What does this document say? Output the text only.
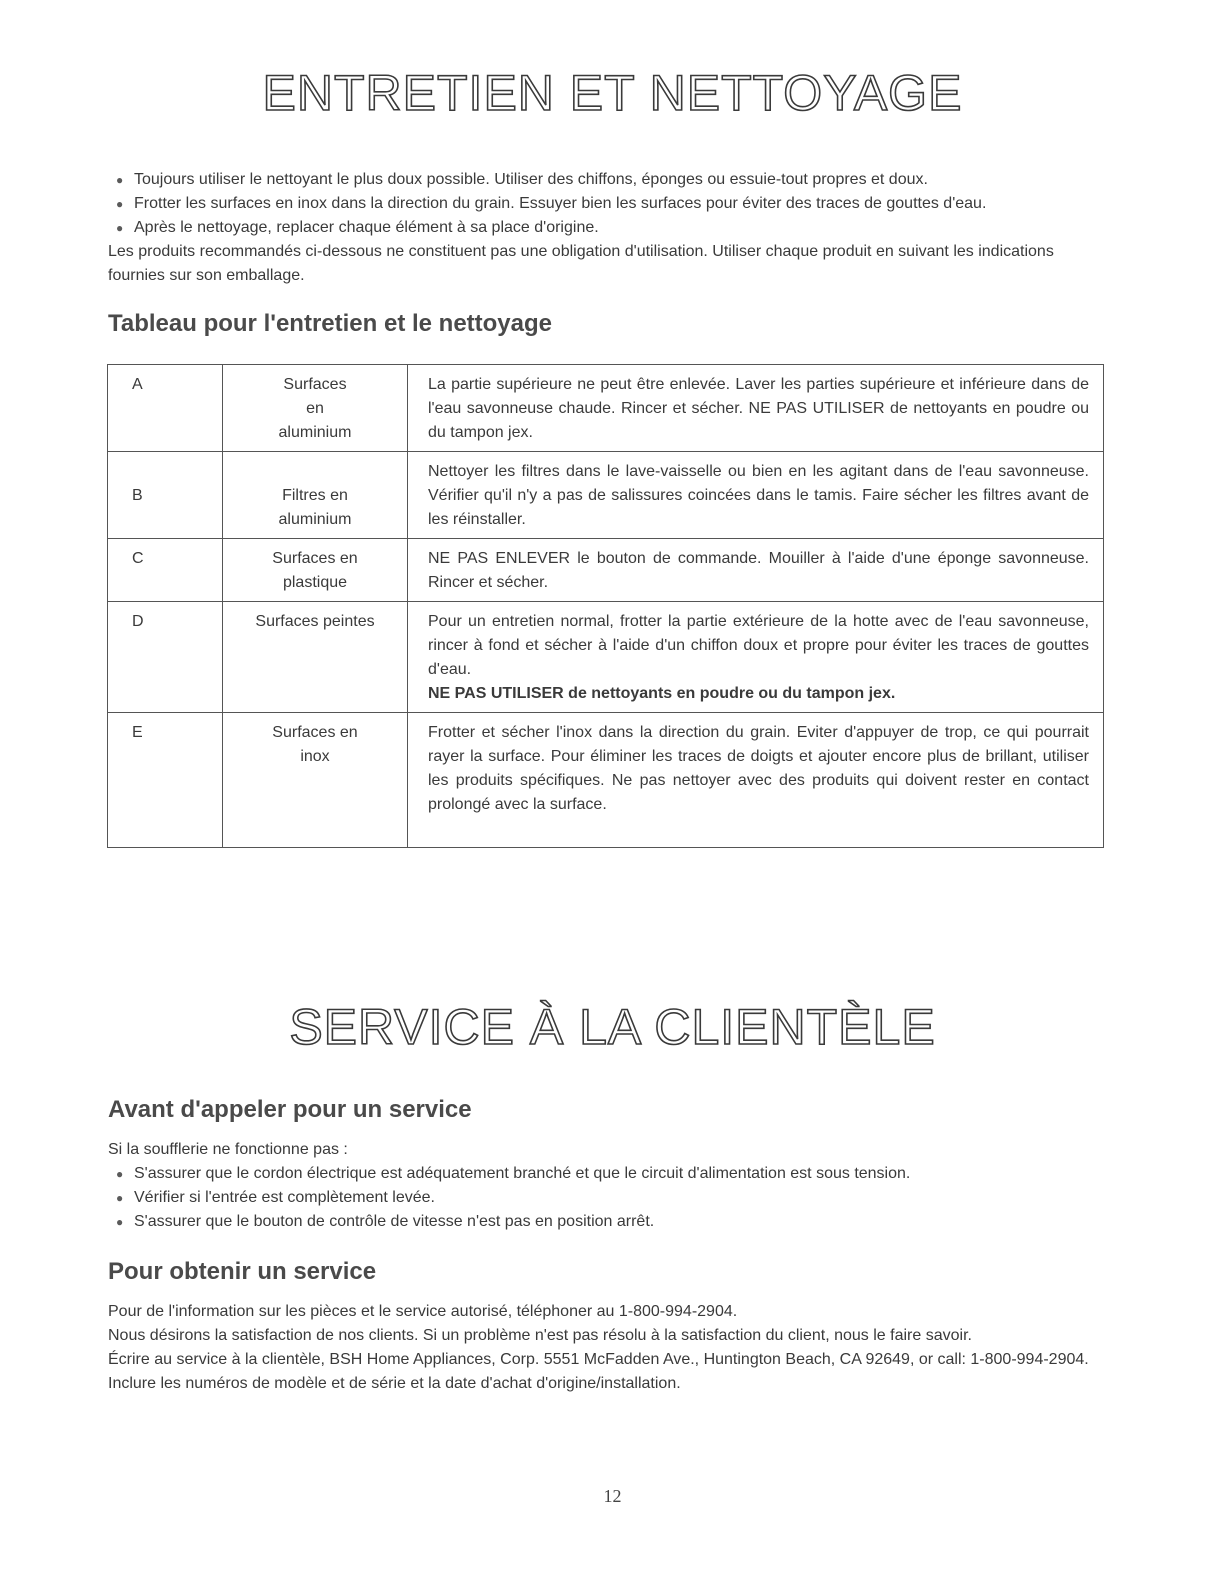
ENTRETIEN ET NETTOYAGE
● Toujours utiliser le nettoyant le plus doux possible. Utiliser des chiffons, éponges ou essuie-tout propres et doux.
● Frotter les surfaces en inox dans la direction du grain. Essuyer bien les surfaces pour éviter des traces de gouttes d'eau.
● Après le nettoyage, replacer chaque élément à sa place d'origine.

Les produits recommandés ci-dessous ne constituent pas une obligation d'utilisation. Utiliser chaque produit en suivant les indications fournies sur son emballage.

Tableau pour l'entretien et le nettoyage
A	Surfaces
en
aluminium	La partie supérieure ne peut être enlevée. Laver les parties supérieure et inférieure dans de l'eau savonneuse chaude. Rincer et sécher. NE PAS UTILISER de nettoyants en poudre ou du tampon jex.
B	Filtres en
aluminium	Nettoyer les filtres dans le lave-vaisselle ou bien en les agitant dans de l'eau savonneuse. Vérifier qu'il n'y a pas de salissures coincées dans le tamis. Faire sécher les filtres avant de les réinstaller.
C	Surfaces en
plastique	NE PAS ENLEVER le bouton de commande. Mouiller à l'aide d'une éponge savonneuse. Rincer et sécher.
D	Surfaces peintes	Pour un entretien normal, frotter la partie extérieure de la hotte avec de l'eau savonneuse, rincer à fond et sécher à l'aide d'un chiffon doux et propre pour éviter les traces de gouttes d'eau.
NE PAS UTILISER de nettoyants en poudre ou du tampon jex.
E	Surfaces en
inox	Frotter et sécher l'inox dans la direction du grain. Eviter d'appuyer de trop, ce qui pourrait rayer la surface. Pour éliminer les traces de doigts et ajouter encore plus de brillant, utiliser les produits spécifiques. Ne pas nettoyer avec des produits qui doivent rester en contact prolongé avec la surface.
SERVICE À LA CLIENTÈLE
Avant d'appeler pour un service

Si la soufflerie ne fonctionne pas :

● S'assurer que le cordon électrique est adéquatement branché et que le circuit d'alimentation est sous tension.
● Vérifier si l'entrée est complètement levée.
● S'assurer que le bouton de contrôle de vitesse n'est pas en position arrêt.
Pour obtenir un service
Pour de l'information sur les pièces et le service autorisé, téléphoner au 1-800-994-2904.
Nous désirons la satisfaction de nos clients. Si un problème n'est pas résolu à la satisfaction du client, nous le faire savoir.
Écrire au service à la clientèle, BSH Home Appliances, Corp. 5551 McFadden Ave., Huntington Beach, CA 92649, or call: 1-800-994-2904.
Inclure les numéros de modèle et de série et la date d'achat d'origine/installation.
12
